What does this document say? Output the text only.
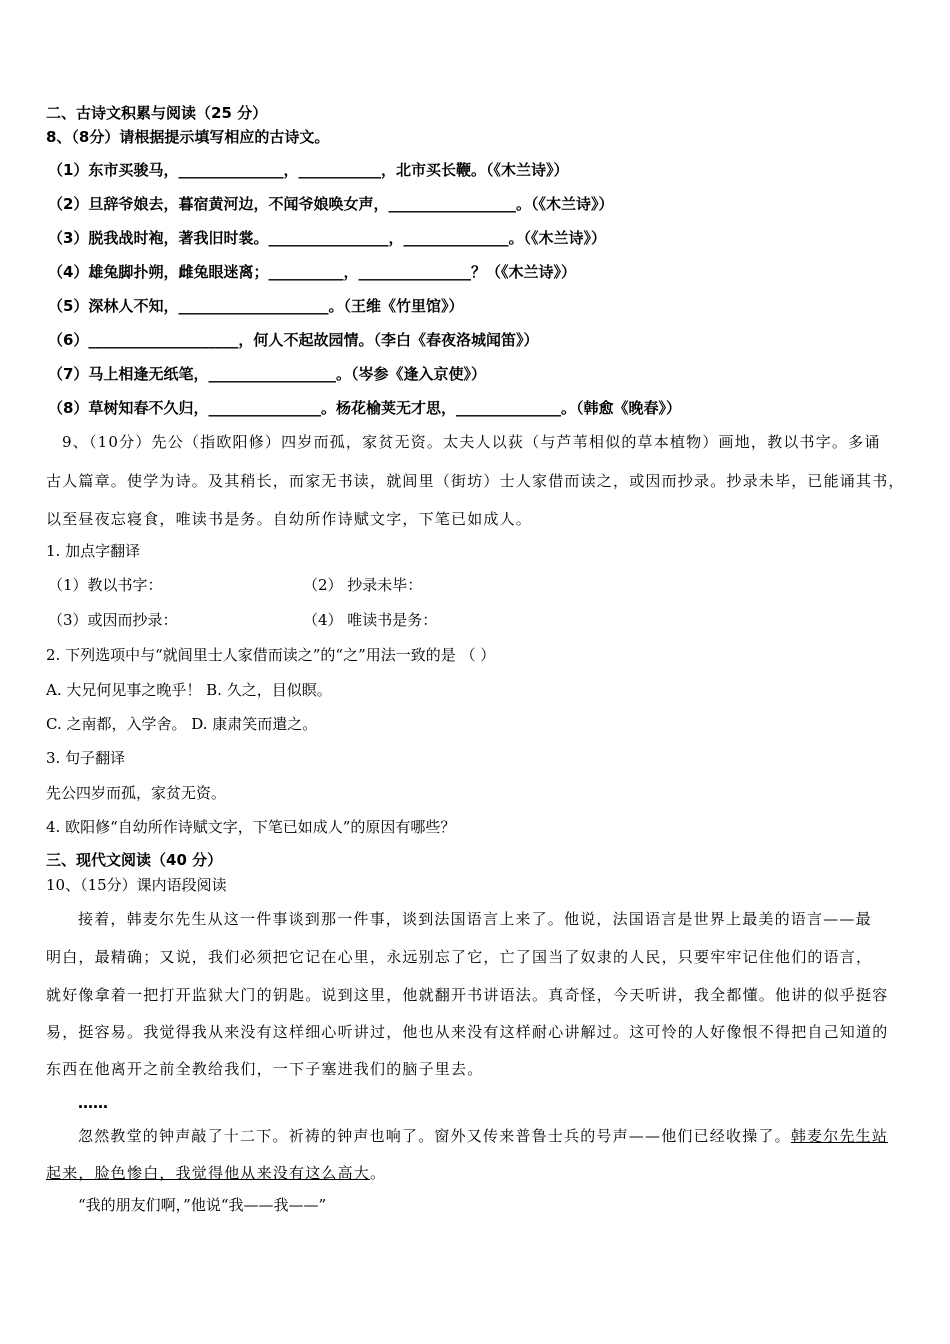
二、古诗文积累与阅读（25 分）
8、（8分）请根据提示填写相应的古诗文。
（1）东市买骏马，______________，___________，北市买长鞭。（《木兰诗》）
（2）旦辞爷娘去，暮宿黄河边，不闻爷娘唤女声，_________________。（《木兰诗》）
（3）脱我战时袍，著我旧时裳。________________，______________。（《木兰诗》）
（4）雄兔脚扑朔，雌兔眼迷离；__________，_______________？（《木兰诗》）
（5）深林人不知，____________________。（王维《竹里馆》）
（6）____________________，何人不起故园情。（李白《春夜洛城闻笛》）
（7）马上相逢无纸笔，_________________。（岑参《逢入京使》）
（8）草树知春不久归，_______________。杨花榆荚无才思，______________。（韩愈《晚春》）
9、（10分）先公（指欧阳修）四岁而孤，家贫无资。太夫人以荻（与芦苇相似的草本植物）画地，教以书字。多诵
古人篇章。使学为诗。及其稍长，而家无书读，就闾里（街坊）士人家借而读之，或因而抄录。抄录未毕，已能诵其书，
以至昼夜忘寝食，唯读书是务。自幼所作诗赋文字，下笔已如成人。
1. 加点字翻译
（1）教以书字：	（2） 抄录未毕：
（3）或因而抄录：	（4） 唯读书是务：
2. 下列选项中与“就闾里士人家借而读之”的“之”用法一致的是 （ ）
A. 大兄何见事之晚乎！ B. 久之，目似瞑。
C. 之南都，入学舍。 D. 康肃笑而遣之。
3. 句子翻译
先公四岁而孤，家贫无资。
4. 欧阳修“自幼所作诗赋文字，下笔已如成人”的原因有哪些？
三、现代文阅读（40 分）
10、（15分）课内语段阅读
接着，韩麦尔先生从这一件事谈到那一件事，谈到法国语言上来了。他说，法国语言是世界上最美的语言——最
明白，最精确；又说，我们必须把它记在心里，永远别忘了它，亡了国当了奴隶的人民，只要牢牢记住他们的语言，
就好像拿着一把打开监狱大门的钥匙。说到这里，他就翻开书讲语法。真奇怪，今天听讲，我全都懂。他讲的似乎挺容
易，挺容易。我觉得我从来没有这样细心听讲过，他也从来没有这样耐心讲解过。这可怜的人好像恨不得把自己知道的
东西在他离开之前全教给我们，一下子塞进我们的脑子里去。
……
忽然教堂的钟声敲了十二下。祈祷的钟声也响了。窗外又传来普鲁士兵的号声——他们已经收操了。韩麦尔先生站
起来，脸色惨白，我觉得他从来没有这么高大。
“我的朋友们啊，”他说“我——我——”
